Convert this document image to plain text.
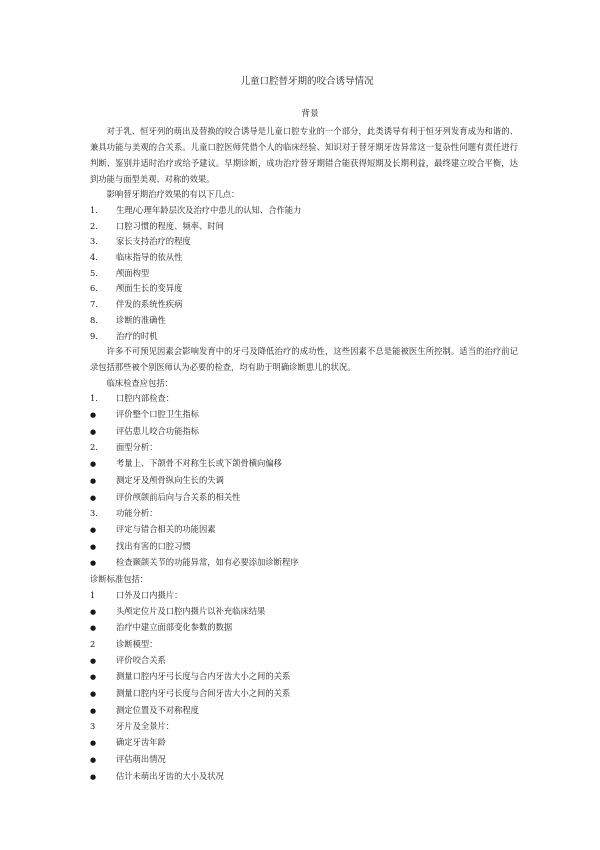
儿童口腔替牙期的咬合诱导情况

背景

对于乳、恒牙列的萌出及替换的咬合诱导是儿童口腔专业的一个部分，此类诱导有利于恒牙列发育成为和谐的、兼具功能与美观的合关系。儿童口腔医师凭借个人的临床经验、知识对于替牙期牙齿异常这一复杂性问题有责任进行判断、鉴别并适时治疗或给予建议。早期诊断，成功治疗替牙期错合能获得短期及长期利益，最终建立咬合平衡，达到功能与面型美观、对称的效果。

影响替牙期治疗效果的有以下几点：

1.	生理/心理年龄层次及治疗中患儿的认知、合作能力
2.	口腔习惯的程度、频率、时间
3.	家长支持治疗的程度
4.	临床指导的依从性
5.	颅面构型
6.	颅面生长的变异度
7.	伴发的系统性疾病
8.	诊断的准确性
9.	治疗的时机

许多不可预见因素会影响发育中的牙弓及降低治疗的成功性，这些因素不总是能被医生所控制。适当的治疗前记录包括那些被个别医师认为必要的检查，均有助于明确诊断患儿的状况。

临床检查应包括：

1.	口腔内部检查：
●	评价整个口腔卫生指标
●	评估患儿咬合功能指标
2.	面型分析：
●	考量上、下颌骨不对称生长或下颌骨横向偏移
●	测定牙及颅骨纵向生长的失调
●	评价颅颌前后向与合关系的相关性
3.	功能分析：
●	评定与错合相关的功能因素
●	找出有害的口腔习惯
●	检查颞颌关节的功能异常，如有必要添加诊断程序

诊断标准包括：

1	口外及口内摄片：
●	头颅定位片及口腔内摄片以补充临床结果
●	治疗中建立面部变化参数的数据
2	诊断模型：
●	评价咬合关系
●	测量口腔内牙弓长度与合内牙齿大小之间的关系
●	测量口腔内牙弓长度与合间牙齿大小之间的关系
●	测定位置及不对称程度
3	牙片及全景片：
●	确定牙齿年龄
●	评估萌出情况
●	估计未萌出牙齿的大小及状况
